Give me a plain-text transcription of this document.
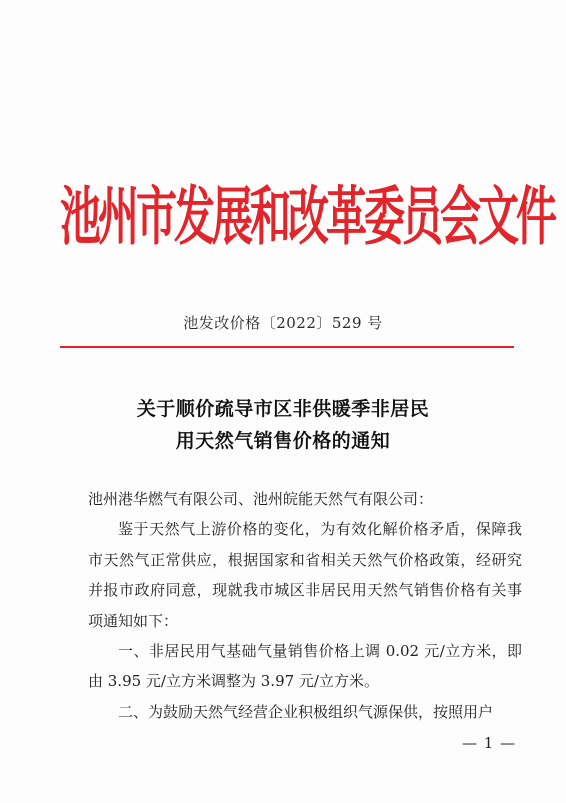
池州市发展和改革委员会文件
池发改价格〔2022〕529 号
关于顺价疏导市区非供暖季非居民
用天然气销售价格的通知

池州港华燃气有限公司、池州皖能天然气有限公司：

鉴于天然气上游价格的变化，为有效化解价格矛盾，保障我市天然气正常供应，根据国家和省相关天然气价格政策，经研究并报市政府同意，现就我市城区非居民用天然气销售价格有关事项通知如下：

一、非居民用气基础气量销售价格上调 0.02 元/立方米，即由 3.95 元/立方米调整为 3.97 元/立方米。

二、为鼓励天然气经营企业积极组织气源保供，按照用户

— 1 —
